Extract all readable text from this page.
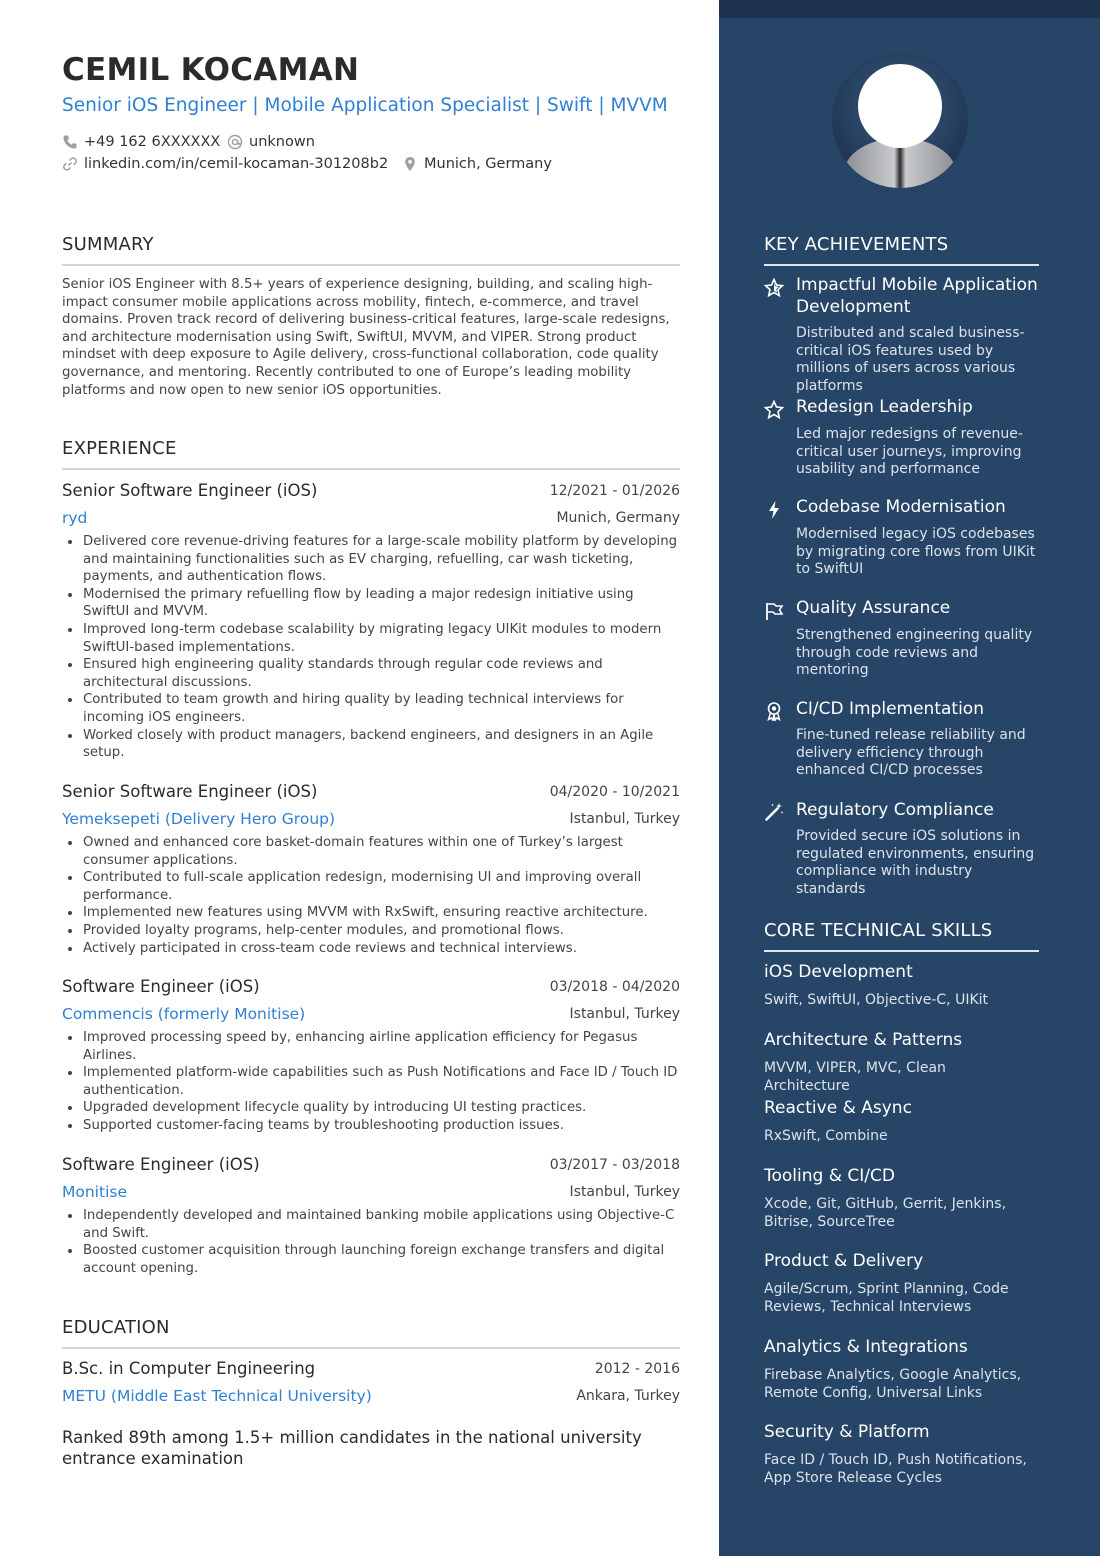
CEMIL KOCAMAN
Senior iOS Engineer | Mobile Application Specialist | Swift | MVVM
+49 162 6XXXXXX unknown
linkedin.com/in/cemil-kocaman-301208b2 Munich, Germany
SUMMARY
Senior iOS Engineer with 8.5+ years of experience designing, building, and scaling high-impact consumer mobile applications across mobility, fintech, e-commerce, and travel domains. Proven track record of delivering business-critical features, large-scale redesigns, and architecture modernisation using Swift, SwiftUI, MVVM, and VIPER. Strong product mindset with deep exposure to Agile delivery, cross-functional collaboration, code quality governance, and mentoring. Recently contributed to one of Europe’s leading mobility platforms and now open to new senior iOS opportunities.
EXPERIENCE
Senior Software Engineer (iOS)	12/2021 - 01/2026
ryd	Munich, Germany
Delivered core revenue-driving features for a large-scale mobility platform by developing and maintaining functionalities such as EV charging, refuelling, car wash ticketing, payments, and authentication flows.
Modernised the primary refuelling flow by leading a major redesign initiative using SwiftUI and MVVM.
Improved long-term codebase scalability by migrating legacy UIKit modules to modern SwiftUI-based implementations.
Ensured high engineering quality standards through regular code reviews and architectural discussions.
Contributed to team growth and hiring quality by leading technical interviews for incoming iOS engineers.
Worked closely with product managers, backend engineers, and designers in an Agile setup.
Senior Software Engineer (iOS)	04/2020 - 10/2021
Yemeksepeti (Delivery Hero Group)	Istanbul, Turkey
Owned and enhanced core basket-domain features within one of Turkey’s largest consumer applications.
Contributed to full-scale application redesign, modernising UI and improving overall performance.
Implemented new features using MVVM with RxSwift, ensuring reactive architecture.
Provided loyalty programs, help-center modules, and promotional flows.
Actively participated in cross-team code reviews and technical interviews.
Software Engineer (iOS)	03/2018 - 04/2020
Commencis (formerly Monitise)	Istanbul, Turkey
Improved processing speed by, enhancing airline application efficiency for Pegasus Airlines.
Implemented platform-wide capabilities such as Push Notifications and Face ID / Touch ID authentication.
Upgraded development lifecycle quality by introducing UI testing practices.
Supported customer-facing teams by troubleshooting production issues.
Software Engineer (iOS)	03/2017 - 03/2018
Monitise	Istanbul, Turkey
Independently developed and maintained banking mobile applications using Objective-C and Swift.
Boosted customer acquisition through launching foreign exchange transfers and digital account opening.
EDUCATION
B.Sc. in Computer Engineering	2012 - 2016
METU (Middle East Technical University)	Ankara, Turkey
Ranked 89th among 1.5+ million candidates in the national university entrance examination
KEY ACHIEVEMENTS
Impactful Mobile Application Development
Distributed and scaled business-critical iOS features used by millions of users across various platforms
Redesign Leadership
Led major redesigns of revenue-critical user journeys, improving usability and performance
Codebase Modernisation
Modernised legacy iOS codebases by migrating core flows from UIKit to SwiftUI
Quality Assurance
Strengthened engineering quality through code reviews and mentoring
CI/CD Implementation
Fine-tuned release reliability and delivery efficiency through enhanced CI/CD processes
Regulatory Compliance
Provided secure iOS solutions in regulated environments, ensuring compliance with industry standards
CORE TECHNICAL SKILLS
iOS Development
Swift, SwiftUI, Objective-C, UIKit
Architecture & Patterns
MVVM, VIPER, MVC, Clean Architecture
Reactive & Async
RxSwift, Combine
Tooling & CI/CD
Xcode, Git, GitHub, Gerrit, Jenkins, Bitrise, SourceTree
Product & Delivery
Agile/Scrum, Sprint Planning, Code Reviews, Technical Interviews
Analytics & Integrations
Firebase Analytics, Google Analytics, Remote Config, Universal Links
Security & Platform
Face ID / Touch ID, Push Notifications, App Store Release Cycles
